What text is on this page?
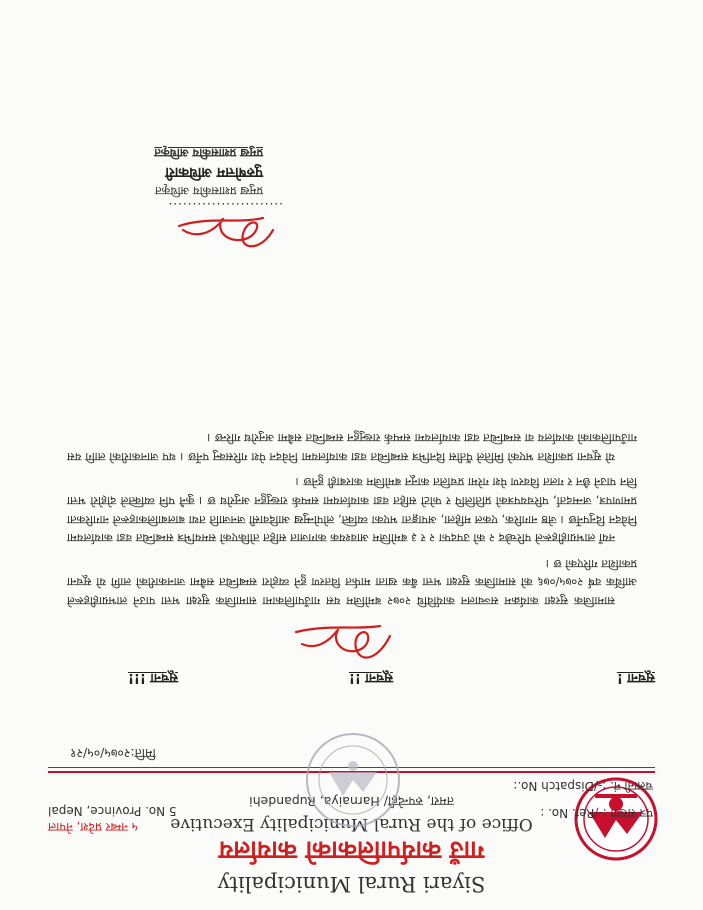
Siyari Rural Municipality
गाउँ कार्यपालिकाको कार्यालय
Office of the Rural Municipality Executive
तमरा, रुपन्देही/ Harnaiya, Rupandehi
५ नम्बर प्रदेश, नेपाल
5 No. Province, Nepal	पत्र संख्या :-/Ref. No. :
चलानी नं. :-/Dispatch No.:
मिति:२०७५/०५/२१
सूचना !
सूचना !!
सूचना !!!

सामाजिक सुरक्षा कार्यक्रम सञ्चालन कार्यविधि २०७२ बमोजिम यस गाउँपालिकामा सामाजिक सुरक्षा भत्ता पाउने लाभग्राहीहरूले आर्थिक वर्ष २०७५/०७६ को सामाजिक सुरक्षा भत्ता बैंक खाता मार्फत वितरण हुने व्यहोरा सम्बन्धित सबैमा जानकारीको लागि यो सूचना प्रकाशित गरिएको छ ।

नयाँ लाभग्राहीहरूले परिच्छेद २ को उपदफा २ र ३ बमोजिम आवश्यक कागजात सहित तोकिएको समयभित्र सम्बन्धित वडा कार्यालयमा निवेदन दिनुपर्नेछ । जेष्ठ नागरिक, एकल महिला, अपाङ्गता भएका व्यक्ति, लोपोन्मुख आदिवासी जनजाति तथा बालबालिकाहरूले नागरिकता प्रमाणपत्र, जन्मदर्ता, परिचयपत्रको प्रतिलिपि र फोटो सहित वडा कार्यालयमा सम्पर्क राख्नुहुन अनुरोध छ । कुनै पनि व्यक्तिले दोहोरो भत्ता लिन पाउने छैन र गलत विवरण पेश गरेमा प्रचलित कानून बमोजिम कारबाही हुनेछ ।

यो सूचना प्रकाशित भएको मितिले पैंतीस दिनभित्र सम्बन्धित वडा कार्यालयमा निवेदन पेश गरिसक्नु पर्नेछ । थप जानकारीको लागि यस गाउँपालिकाको कार्यालय वा सम्बन्धित वडा कार्यालयमा सम्पर्क राख्नुहुन सम्बन्धित सबैमा अनुरोध गरिन्छ ।

........................
प्रमुख प्रशासकीय अधिकृत
पुरुषोत्तम अधिकारी
प्रमुख प्रशासकीय अधिकृत
